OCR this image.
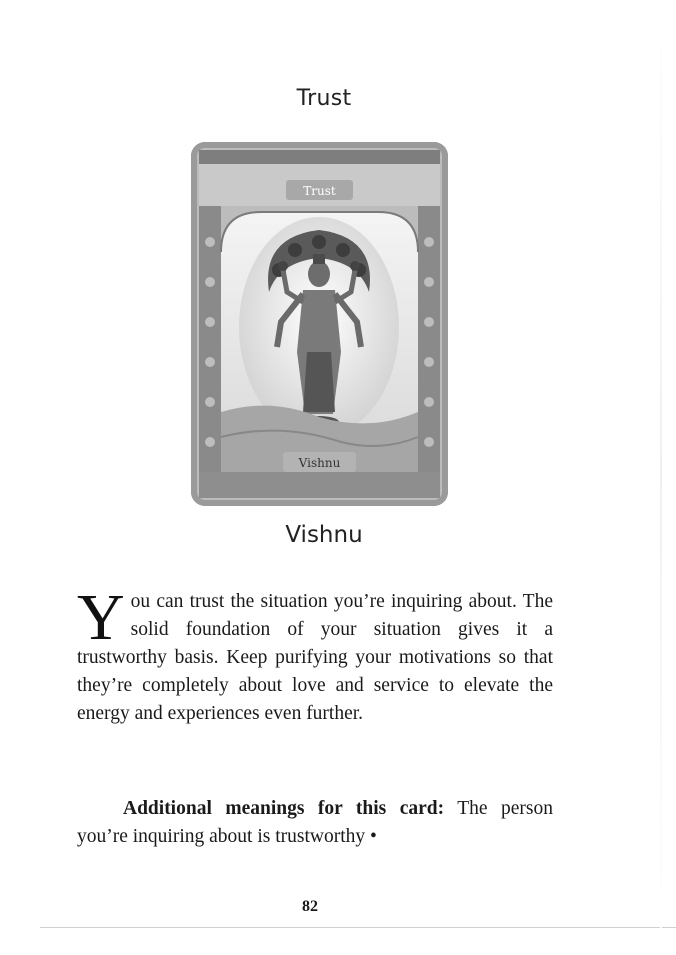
Trust
Trust
Vishnu
Vishnu
You can trust the situation you’re inquiring about. The solid foundation of your situation gives it a trustworthy basis. Keep purifying your motivations so that they’re completely about love and service to elevate the energy and experiences even further.
Additional meanings for this card: The person you’re inquiring about is trustworthy •
82
